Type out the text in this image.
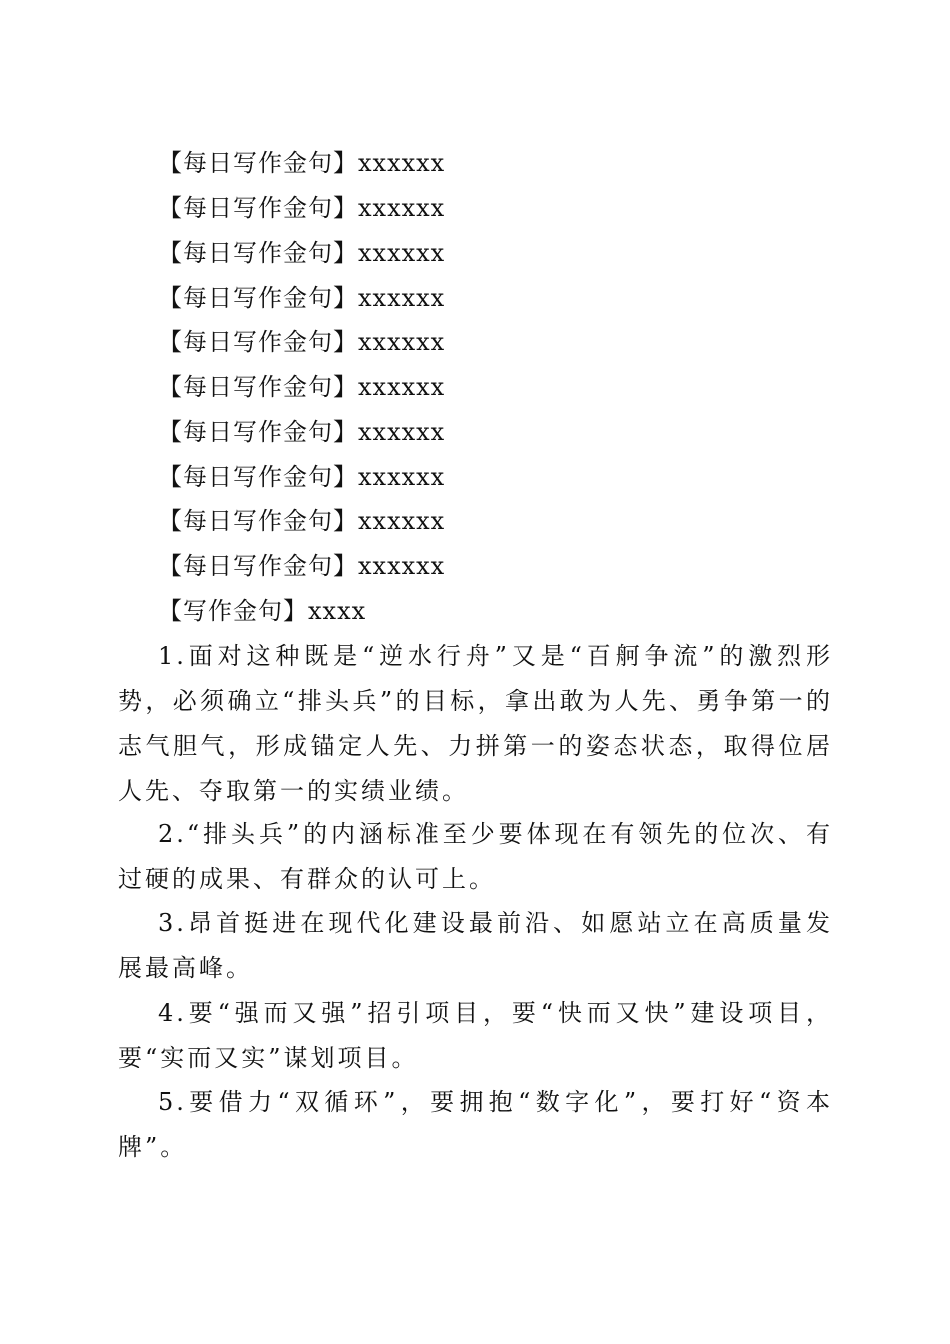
【每日写作金句】xxxxxx
【每日写作金句】xxxxxx
【每日写作金句】xxxxxx
【每日写作金句】xxxxxx
【每日写作金句】xxxxxx
【每日写作金句】xxxxxx
【每日写作金句】xxxxxx
【每日写作金句】xxxxxx
【每日写作金句】xxxxxx
【每日写作金句】xxxxxx
【写作金句】xxxx
1.面对这种既是“逆水行舟”又是“百舸争流”的激烈形势，必须确立“排头兵”的目标，拿出敢为人先、勇争第一的志气胆气，形成锚定人先、力拼第一的姿态状态，取得位居人先、夺取第一的实绩业绩。
2.“排头兵”的内涵标准至少要体现在有领先的位次、有过硬的成果、有群众的认可上。
3.昂首挺进在现代化建设最前沿、如愿站立在高质量发展最高峰。
4.要“强而又强”招引项目，要“快而又快”建设项目，要“实而又实”谋划项目。
5.要借力“双循环”，要拥抱“数字化”，要打好“资本牌”。
